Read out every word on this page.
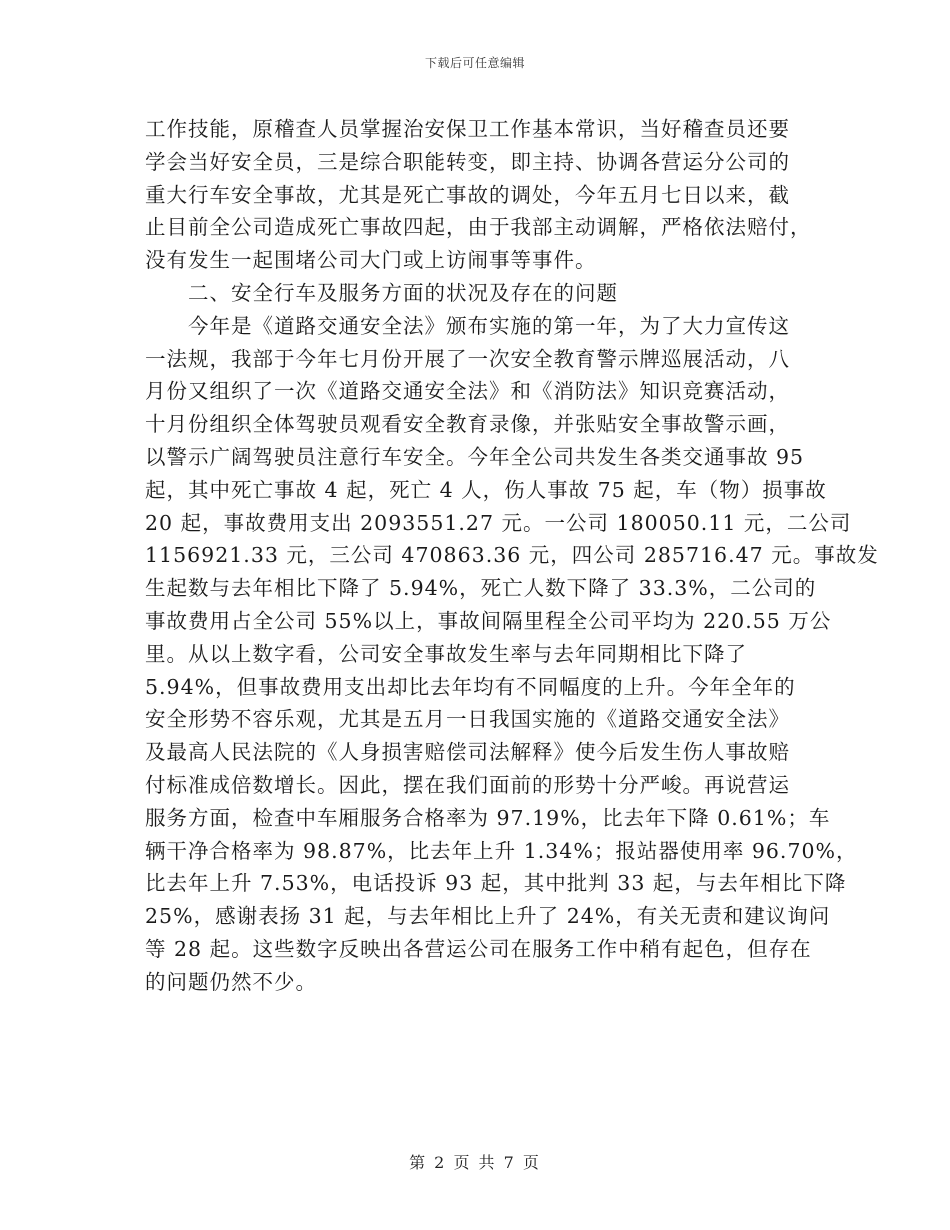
下载后可任意编辑
工作技能，原稽查人员掌握治安保卫工作基本常识，当好稽查员还要
学会当好安全员，三是综合职能转变，即主持、协调各营运分公司的
重大行车安全事故，尤其是死亡事故的调处，今年五月七日以来，截
止目前全公司造成死亡事故四起，由于我部主动调解，严格依法赔付，
没有发生一起围堵公司大门或上访闹事等事件。
　　二、安全行车及服务方面的状况及存在的问题
　　今年是《道路交通安全法》颁布实施的第一年，为了大力宣传这
一法规，我部于今年七月份开展了一次安全教育警示牌巡展活动，八
月份又组织了一次《道路交通安全法》和《消防法》知识竞赛活动，
十月份组织全体驾驶员观看安全教育录像，并张贴安全事故警示画，
以警示广阔驾驶员注意行车安全。今年全公司共发生各类交通事故 95
起，其中死亡事故 4 起，死亡 4 人，伤人事故 75 起，车（物）损事故
20 起，事故费用支出 2093551.27 元。一公司 180050.11 元，二公司
1156921.33 元，三公司 470863.36 元，四公司 285716.47 元。事故发
生起数与去年相比下降了 5.94%，死亡人数下降了 33.3%，二公司的
事故费用占全公司 55%以上，事故间隔里程全公司平均为 220.55 万公
里。从以上数字看，公司安全事故发生率与去年同期相比下降了
5.94%，但事故费用支出却比去年均有不同幅度的上升。今年全年的
安全形势不容乐观，尤其是五月一日我国实施的《道路交通安全法》
及最高人民法院的《人身损害赔偿司法解释》使今后发生伤人事故赔
付标准成倍数增长。因此，摆在我们面前的形势十分严峻。再说营运
服务方面，检查中车厢服务合格率为 97.19%，比去年下降 0.61%；车
辆干净合格率为 98.87%，比去年上升 1.34%；报站器使用率 96.70%，
比去年上升 7.53%，电话投诉 93 起，其中批判 33 起，与去年相比下降
25%，感谢表扬 31 起，与去年相比上升了 24%，有关无责和建议询问
等 28 起。这些数字反映出各营运公司在服务工作中稍有起色，但存在
的问题仍然不少。
第 2 页 共 7 页
